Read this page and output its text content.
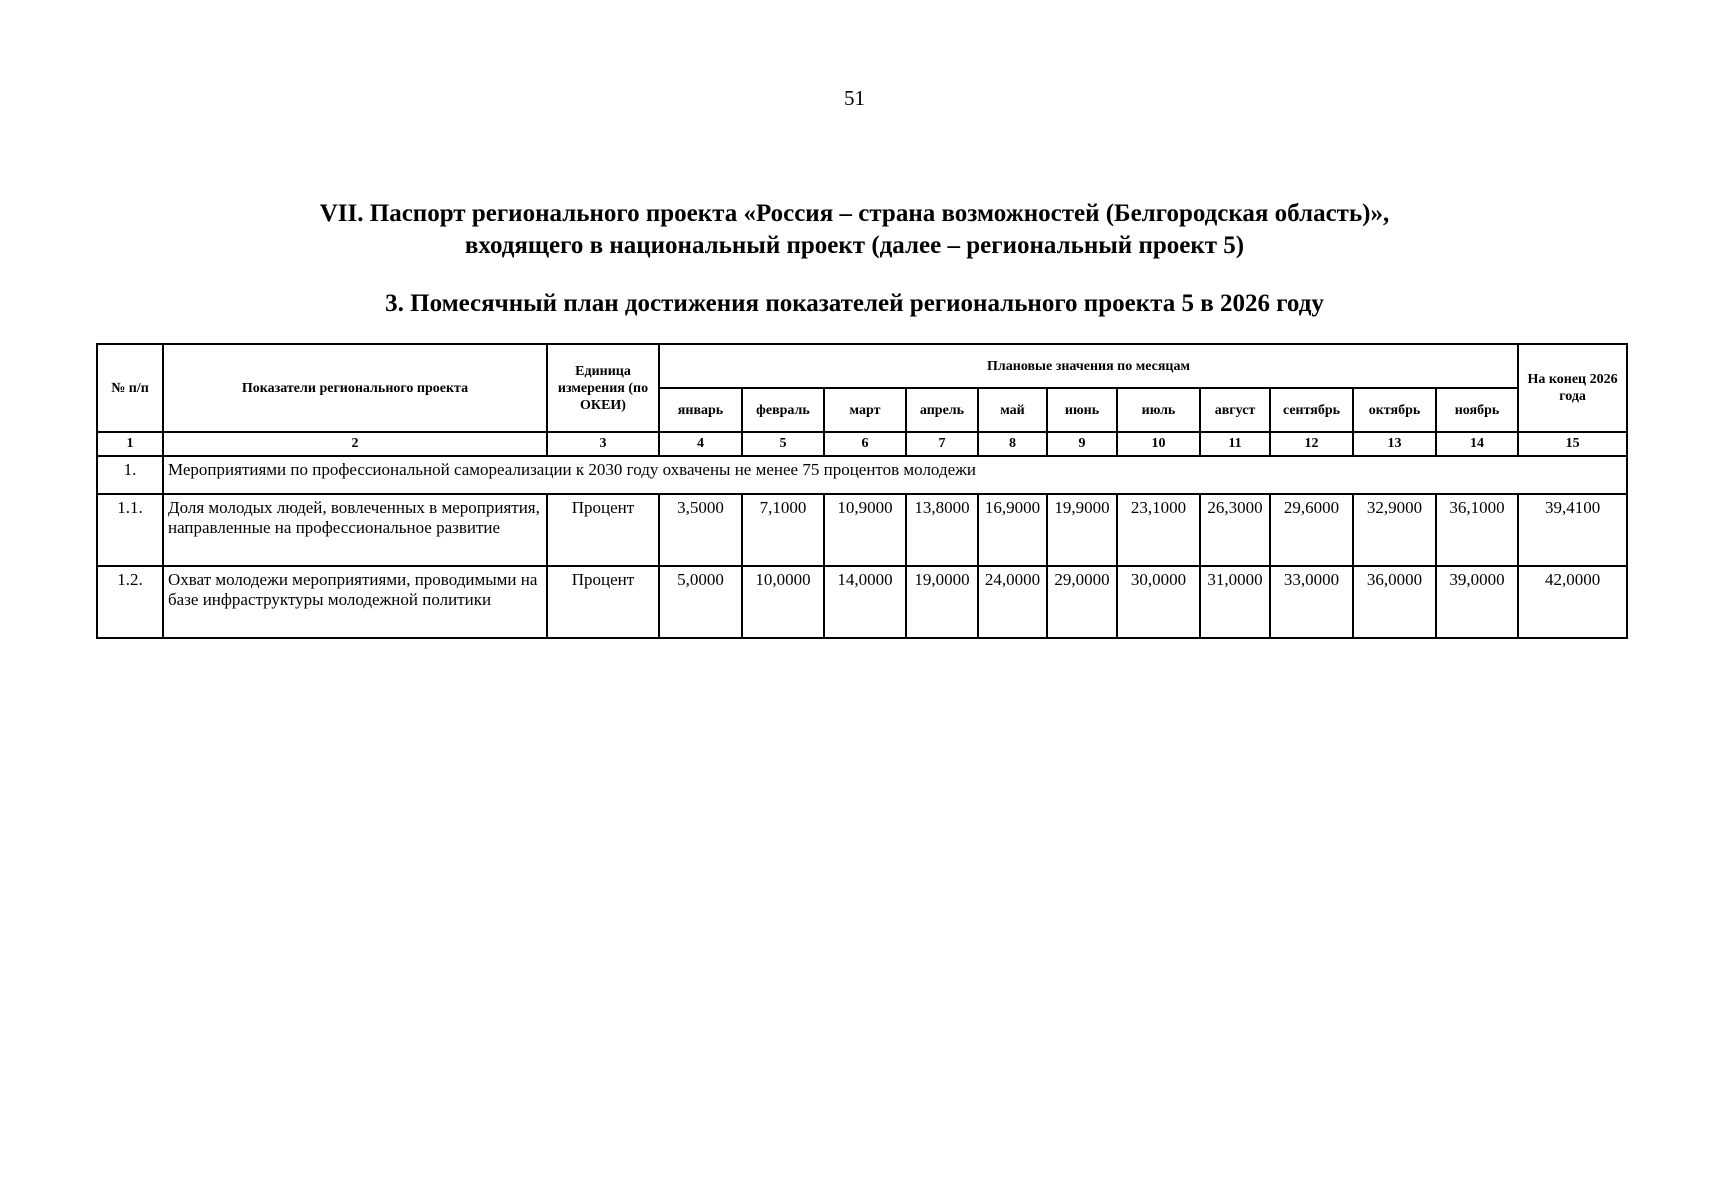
51
VII. Паспорт регионального проекта «Россия – страна возможностей (Белгородская область)»,
входящего в национальный проект (далее – региональный проект 5)
3. Помесячный план достижения показателей регионального проекта 5 в 2026 году
№ п/п	Показатели регионального проекта	Единица измерения (по ОКЕИ)	Плановые значения по месяцам											На конец 2026 года
			январь	февраль	март	апрель	май	июнь	июль	август	сентябрь	октябрь	ноябрь	
1	2	3	4	5	6	7	8	9	10	11	12	13	14	15
1.	Мероприятиями по профессиональной самореализации к 2030 году охвачены не менее 75 процентов молодежи													
1.1.	Доля молодых людей, вовлеченных в мероприятия, направленные на профессиональное развитие	Процент	3,5000	7,1000	10,9000	13,8000	16,9000	19,9000	23,1000	26,3000	29,6000	32,9000	36,1000	39,4100
1.2.	Охват молодежи мероприятиями, проводимыми на базе инфраструктуры молодежной политики	Процент	5,0000	10,0000	14,0000	19,0000	24,0000	29,0000	30,0000	31,0000	33,0000	36,0000	39,0000	42,0000
